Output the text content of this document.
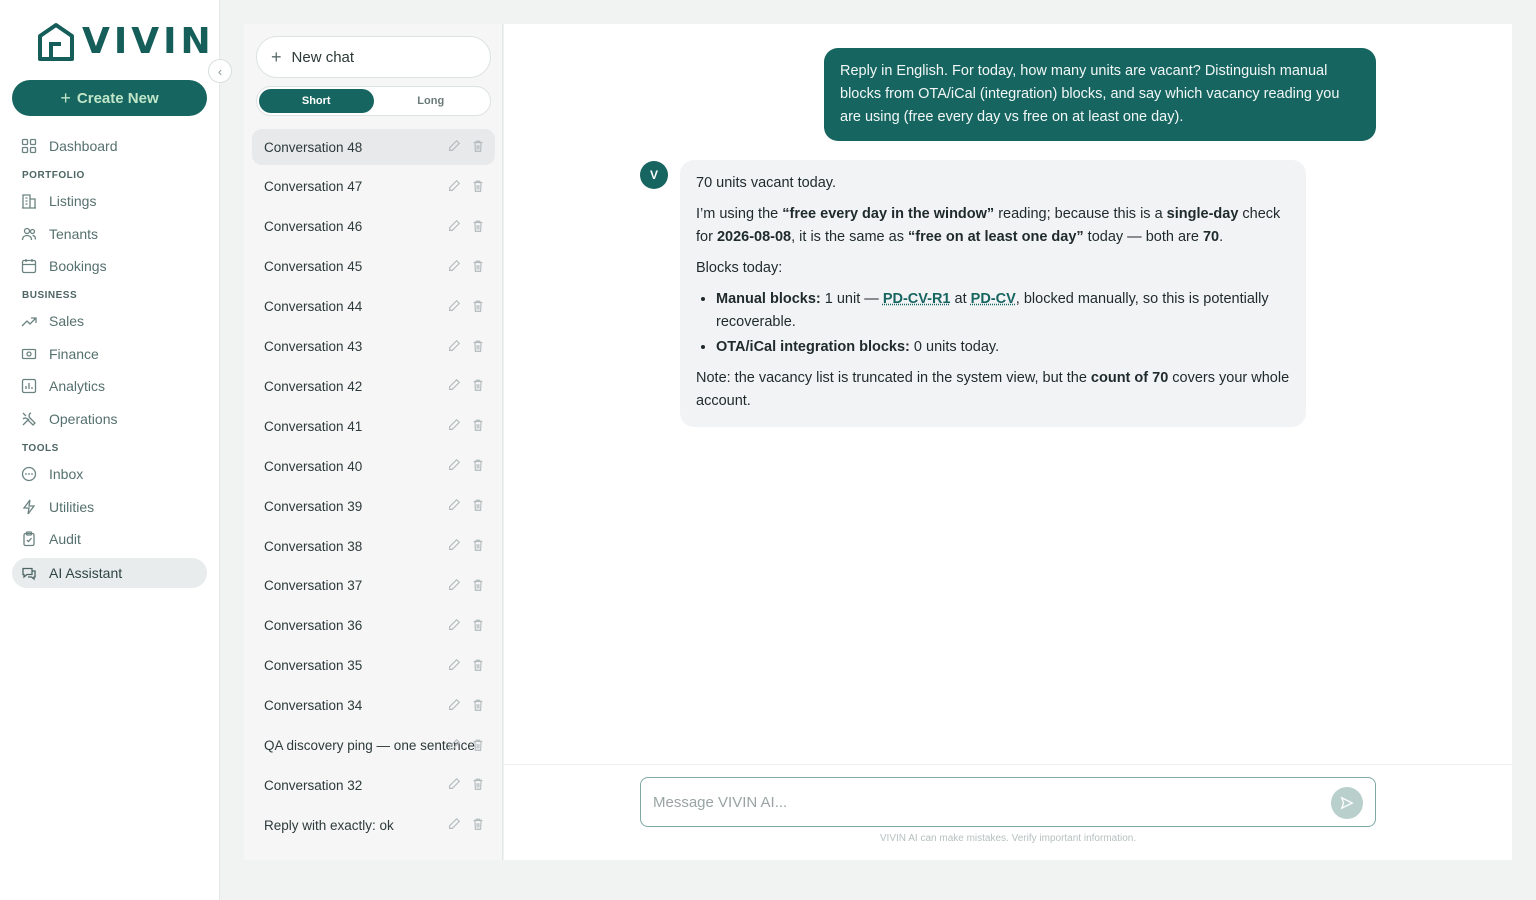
VIVIN
‹
+ Create New
Dashboard
PORTFOLIO
Listings
Tenants
Bookings
BUSINESS
Sales
Finance
Analytics
Operations
TOOLS
Inbox
Utilities
Audit
AI Assistant
+ New chat
Short	Long
Conversation 48
Conversation 47
Conversation 46
Conversation 45
Conversation 44
Conversation 43
Conversation 42
Conversation 41
Conversation 40
Conversation 39
Conversation 38
Conversation 37
Conversation 36
Conversation 35
Conversation 34
QA discovery ping — one sentence
Conversation 32
Reply with exactly: ok
Reply in English. For today, how many units are vacant? Distinguish manual blocks from OTA/iCal (integration) blocks, and say which vacancy reading you are using (free every day vs free on at least one day).
V	70 units vacant today.

I’m using the “free every day in the window” reading; because this is a single-day check for 2026-08-08, it is the same as “free on at least one day” today — both are 70.

Blocks today:

• Manual blocks: 1 unit — PD-CV-R1 at PD-CV, blocked manually, so this is potentially recoverable.
• OTA/iCal integration blocks: 0 units today.

Note: the vacancy list is truncated in the system view, but the count of 70 covers your whole account.

Message VIVIN AI...
VIVIN AI can make mistakes. Verify important information.
